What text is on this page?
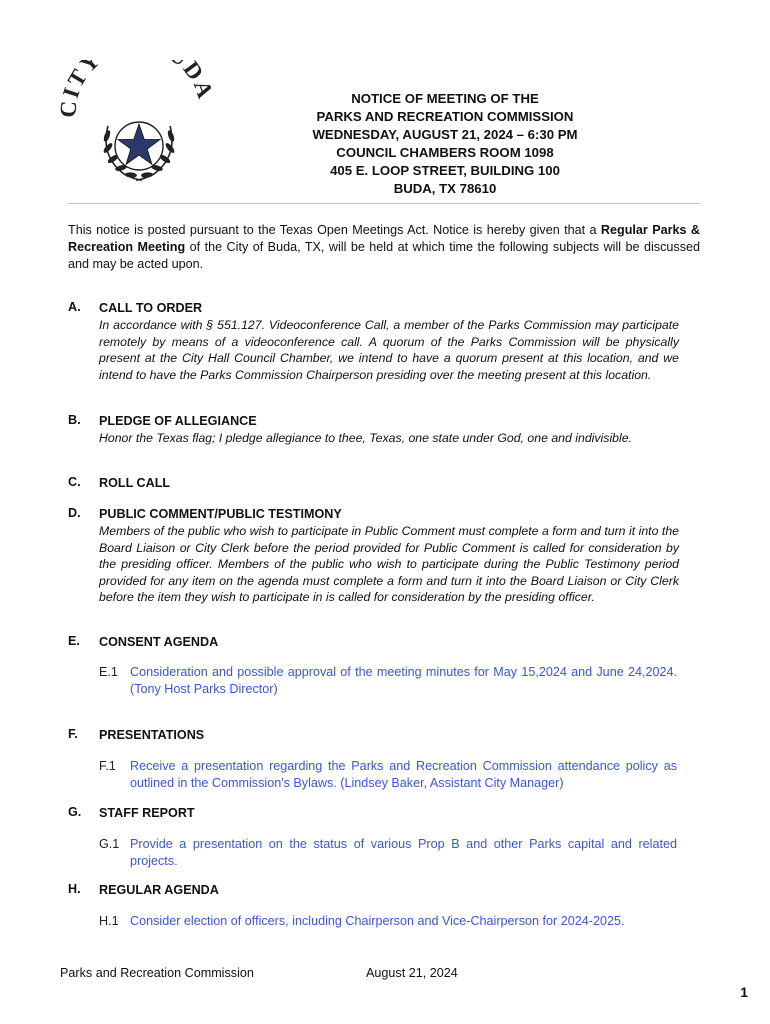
ITY D
NOTICE OF MEETING OF THE
PARKS AND RECREATION COMMISSION
WEDNESDAY, AUGUST 21, 2024 – 6:30 PM
COUNCIL CHAMBERS ROOM 1098
405 E. LOOP STREET, BUILDING 100
BUDA, TX 78610
This notice is posted pursuant to the Texas Open Meetings Act. Notice is hereby given that a Regular Parks & Recreation Meeting of the City of Buda, TX, will be held at which time the following subjects will be discussed and may be acted upon.
A. CALL TO ORDER
In accordance with § 551.127. Videoconference Call, a member of the Parks Commission may participate remotely by means of a videoconference call. A quorum of the Parks Commission will be physically present at the City Hall Council Chamber, we intend to have a quorum present at this location, and we intend to have the Parks Commission Chairperson presiding over the meeting present at this location.
B. PLEDGE OF ALLEGIANCE
Honor the Texas flag; I pledge allegiance to thee, Texas, one state under God, one and indivisible.
C. ROLL CALL
D. PUBLIC COMMENT/PUBLIC TESTIMONY
Members of the public who wish to participate in Public Comment must complete a form and turn it into the Board Liaison or City Clerk before the period provided for Public Comment is called for consideration by the presiding officer. Members of the public who wish to participate during the Public Testimony period provided for any item on the agenda must complete a form and turn it into the Board Liaison or City Clerk before the item they wish to participate in is called for consideration by the presiding officer.
E. CONSENT AGENDA
E.1 Consideration and possible approval of the meeting minutes for May 15,2024 and June 24,2024. (Tony Host Parks Director)
F. PRESENTATIONS
F.1 Receive a presentation regarding the Parks and Recreation Commission attendance policy as outlined in the Commission's Bylaws. (Lindsey Baker, Assistant City Manager)
G. STAFF REPORT
G.1 Provide a presentation on the status of various Prop B and other Parks capital and related projects.
H. REGULAR AGENDA
H.1 Consider election of officers, including Chairperson and Vice-Chairperson for 2024-2025.
Parks and Recreation Commission	August 21, 2024
1
